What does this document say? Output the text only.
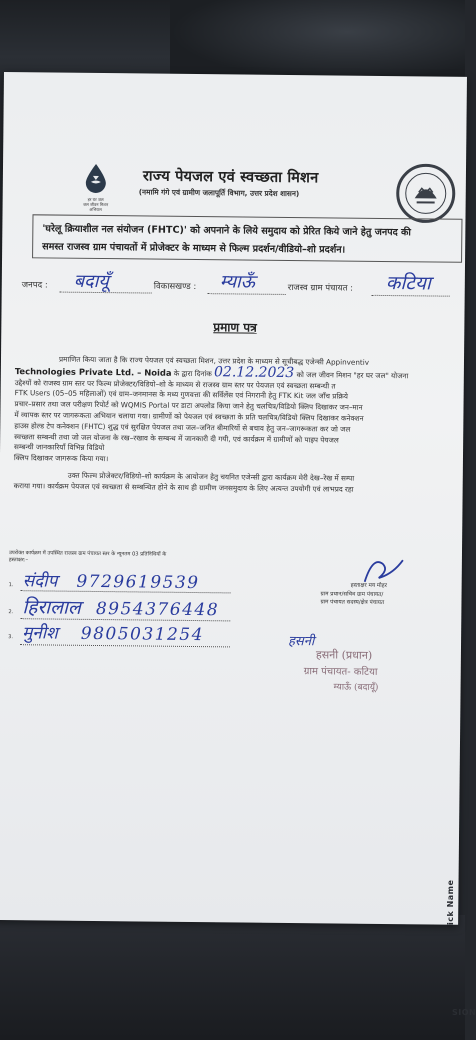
हर घर जल
जल जीवन मिशन
अभियान
राज्य पेयजल एवं स्वच्छता मिशन
(नमामि गंगे एवं ग्रामीण जलापूर्ति विभाग, उत्तर प्रदेश शासन)
'घरेलू क्रियाशील नल संयोजन (FHTC)' को अपनाने के लिये समुदाय को प्रेरित किये जाने हेतु जनपद की
समस्त राजस्व ग्राम पंचायतों में प्रोजेक्टर के माध्यम से फिल्म प्रदर्शन/वीडियो–शो प्रदर्शन।
जनपद : बदायूँ	विकासखण्ड : म्याऊँ	राजस्व ग्राम पंचायत : कटिया
प्रमाण पत्र
प्रमाणित किया जाता है कि राज्य पेयजल एवं स्वच्छता मिशन, उत्तर प्रदेश के माध्यम से सूचीबद्ध एजेन्सी Appinventiv
Technologies Private Ltd. – Noida के द्वारा दिनांक 02.12.2023 को जल जीवन मिशन "हर घर जल" योजना
उद्देश्यों को राजस्व ग्राम स्तर पर फिल्म प्रोजेक्टर/विडियो–शो के माध्यम से राजस्व ग्राम स्तर पर पेयजल एवं स्वच्छता सम्बन्धी त
FTK Users (05–05 महिलाओं) एवं ग्राम–जनमानस के मध्य गुणवत्ता की सर्विलेंस एवं निगरानी हेतु FTK Kit जल जाँच प्रक्रिये
प्रचार–प्रसार तथा जल परीक्षण रिपोर्ट को WQMIS Portal पर डाटा अपलोड किया जाने हेतु चलचित्र/विडियो क्लिप दिखाकर जन–मान
में व्यापक स्तर पर जागरूकता अभियान चलाया गया। ग्रामीणों को पेयजल एवं स्वच्छता के प्रति चलचित्र/विडियो क्लिप दिखाकर कनेक्शन
हाउस होल्ड टेप कनेक्शन (FHTC) शुद्ध एवं सुरक्षित पेयजल तथा जल–जनित बीमारियों से बचाव हेतु जन–जागरूकता कर जो जल
स्वच्छता सम्बन्धी तथा जो जल योजना के रख–रखाव के सम्बन्ध में जानकारी दी गयी, एवं कार्यक्रम में ग्रामीणों को पाइप पेयजल
सम्बन्धी जानकारियाँ विभिन्न विडियो
क्लिप दिखाकर जागरूक किया गया।
उक्त फिल्म प्रोजेक्टर/विडियो–शो कार्यक्रम के आयोजन हेतु चयनित एजेन्सी द्वारा कार्यक्रम मेरी देख–रेख में सम्पा
कराया गया। कार्यक्रम पेयजल एवं स्वच्छता से सम्बन्धित होने के साथ ही ग्रामीण जनसमुदाय के लिए अत्यन्त उपयोगी एवं लाभप्रद रहा
उपरोक्त कार्यक्रम में उपस्थित राजस्व ग्राम पंचायत स्तर के न्यूनतम 03 प्रतिनिधियों के
हस्ताक्षर:–
1. संदीप 9729619539
2. हिरालाल 8954376448
3. मुनीश 9805031254
हस्ताक्षर मय मोहर
ग्राम प्रधान/सचिव ग्राम पंचायत/
ग्राम पंचायत सदस्य/क्षेत्र पंचायत
हसनी
हसनी (प्रधान)
ग्राम पंचायत- कटिया
म्याऊँ (बदायूँ)
ick Name
SION
